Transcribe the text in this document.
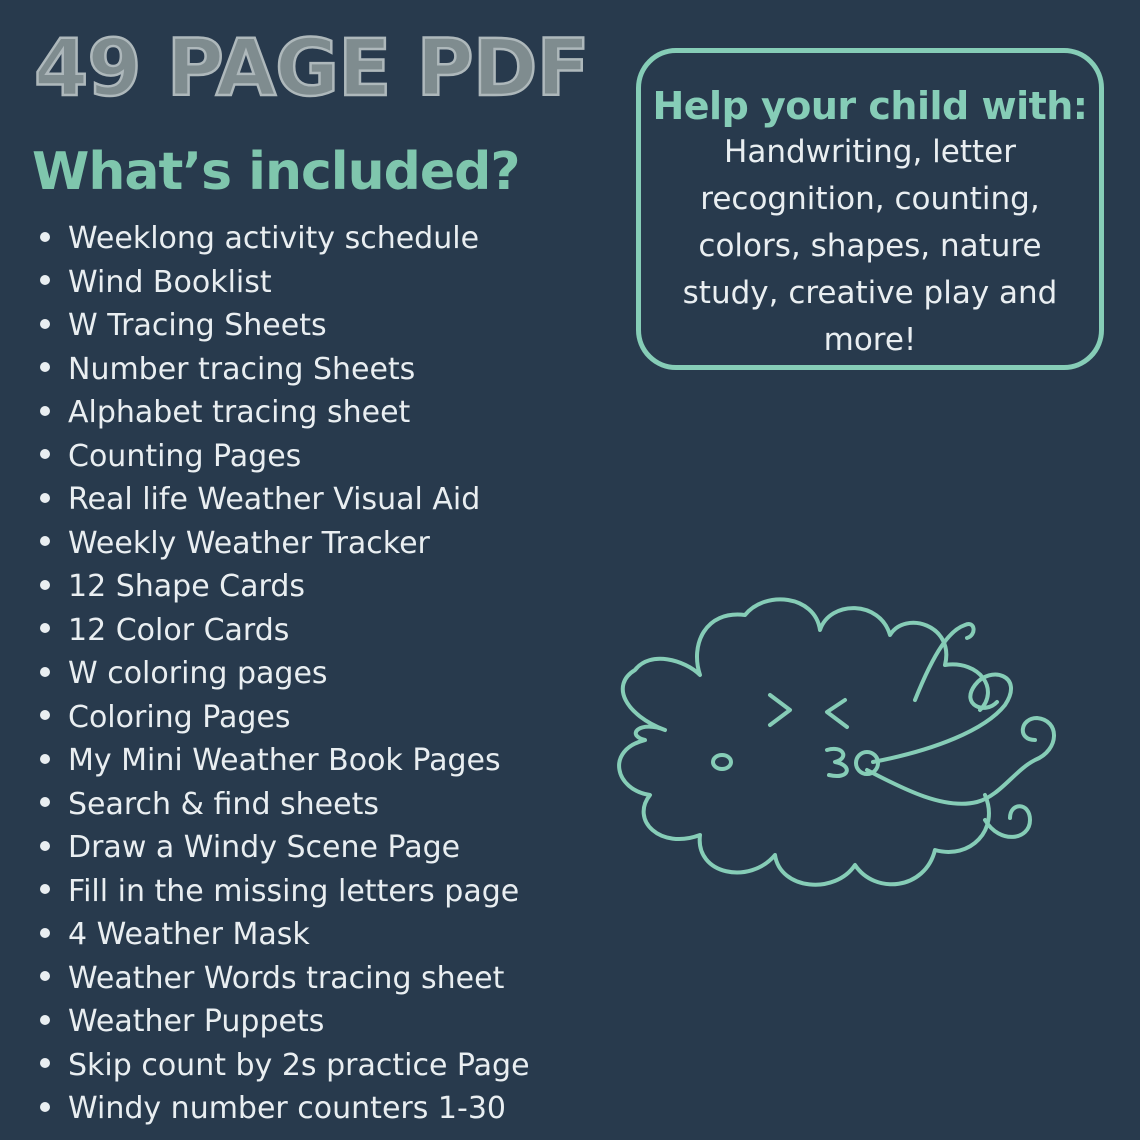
49 PAGE PDF
What’s included?
Weeklong activity schedule
Wind Booklist
W Tracing Sheets
Number tracing Sheets
Alphabet tracing sheet
Counting Pages
Real life Weather Visual Aid
Weekly Weather Tracker
12 Shape Cards
12 Color Cards
W coloring pages
Coloring Pages
My Mini Weather Book Pages
Search & find sheets
Draw a Windy Scene Page
Fill in the missing letters page
4 Weather Mask
Weather Words tracing sheet
Weather Puppets
Skip count by 2s practice Page
Windy number counters 1-30
Help your child with:
Handwriting, letter recognition, counting, colors, shapes, nature study, creative play and more!
